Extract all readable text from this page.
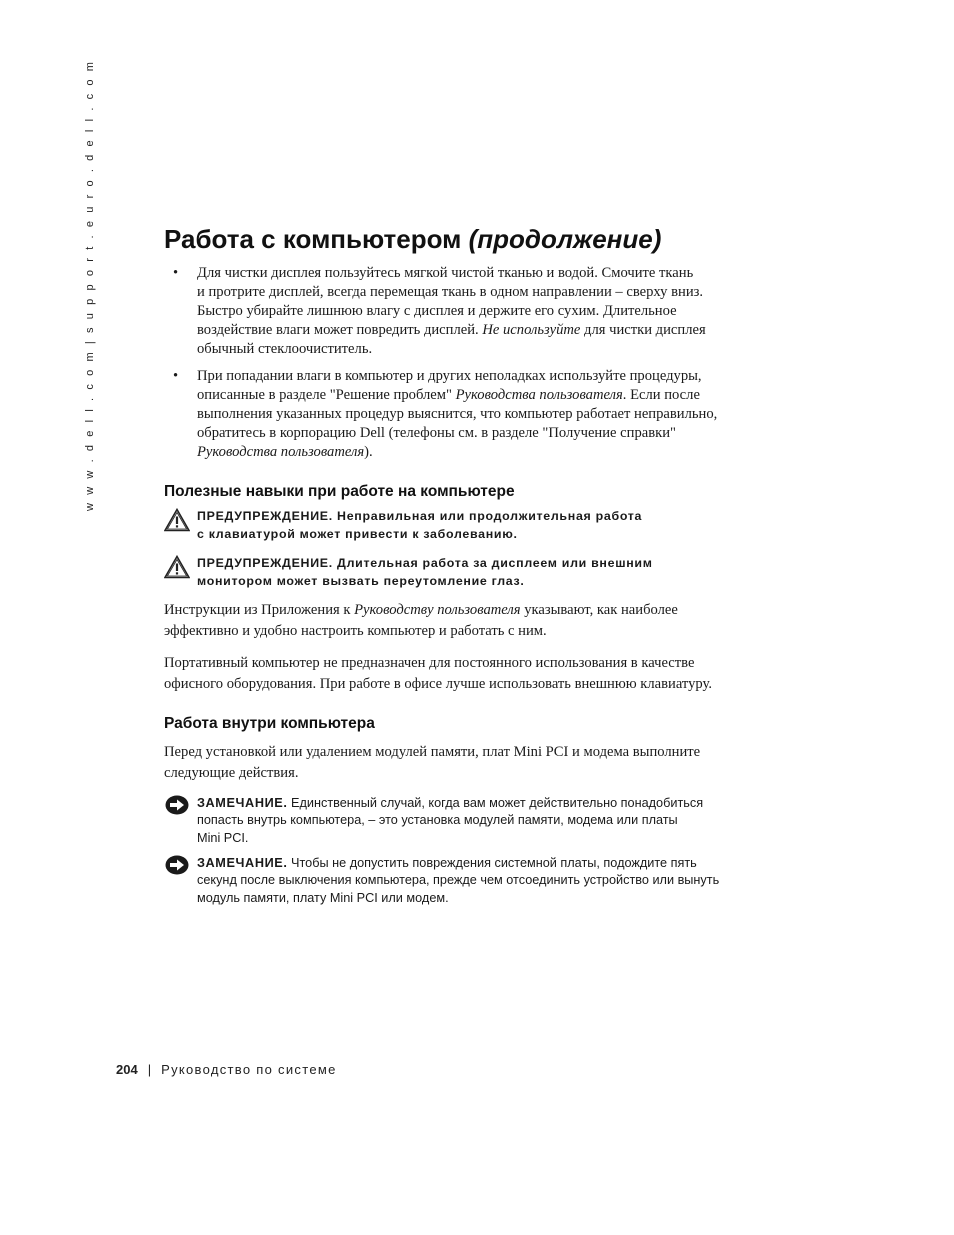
w w w . d e l l . c o m | s u p p o r t . e u r o . d e l l . c o m	Работа с компьютером (продолжение)
• Для чистки дисплея пользуйтесь мягкой чистой тканью и водой. Смочите ткань
и протрите дисплей, всегда перемещая ткань в одном направлении – сверху вниз.
Быстро убирайте лишнюю влагу с дисплея и держите его сухим. Длительное
воздействие влаги может повредить дисплей. Не используйте для чистки дисплея
обычный стеклоочиститель.
• При попадании влаги в компьютер и других неполадках используйте процедуры,
описанные в разделе "Решение проблем" Руководства пользователя. Если после
выполнения указанных процедур выяснится, что компьютер работает неправильно,
обратитесь в корпорацию Dell (телефоны см. в разделе "Получение справки"
Руководства пользователя).
Полезные навыки при работе на компьютере
ПРЕДУПРЕЖДЕНИЕ. Неправильная или продолжительная работа
с клавиатурой может привести к заболеванию.
ПРЕДУПРЕЖДЕНИЕ. Длительная работа за дисплеем или внешним
монитором может вызвать переутомление глаз.
Инструкции из Приложения к Руководству пользователя указывают, как наиболее
эффективно и удобно настроить компьютер и работать с ним.
Портативный компьютер не предназначен для постоянного использования в качестве
офисного оборудования. При работе в офисе лучше использовать внешнюю клавиатуру.
Работа внутри компьютера
Перед установкой или удалением модулей памяти, плат Mini PCI и модема выполните
следующие действия.
ЗАМЕЧАНИЕ. Единственный случай, когда вам может действительно понадобиться
попасть внутрь компьютера, – это установка модулей памяти, модема или платы
Mini PCI.
ЗАМЕЧАНИЕ. Чтобы не допустить повреждения системной платы, подождите пять
секунд после выключения компьютера, прежде чем отсоединить устройство или вынуть
модуль памяти, плату Mini PCI или модем.
204 | Руководство по системе
